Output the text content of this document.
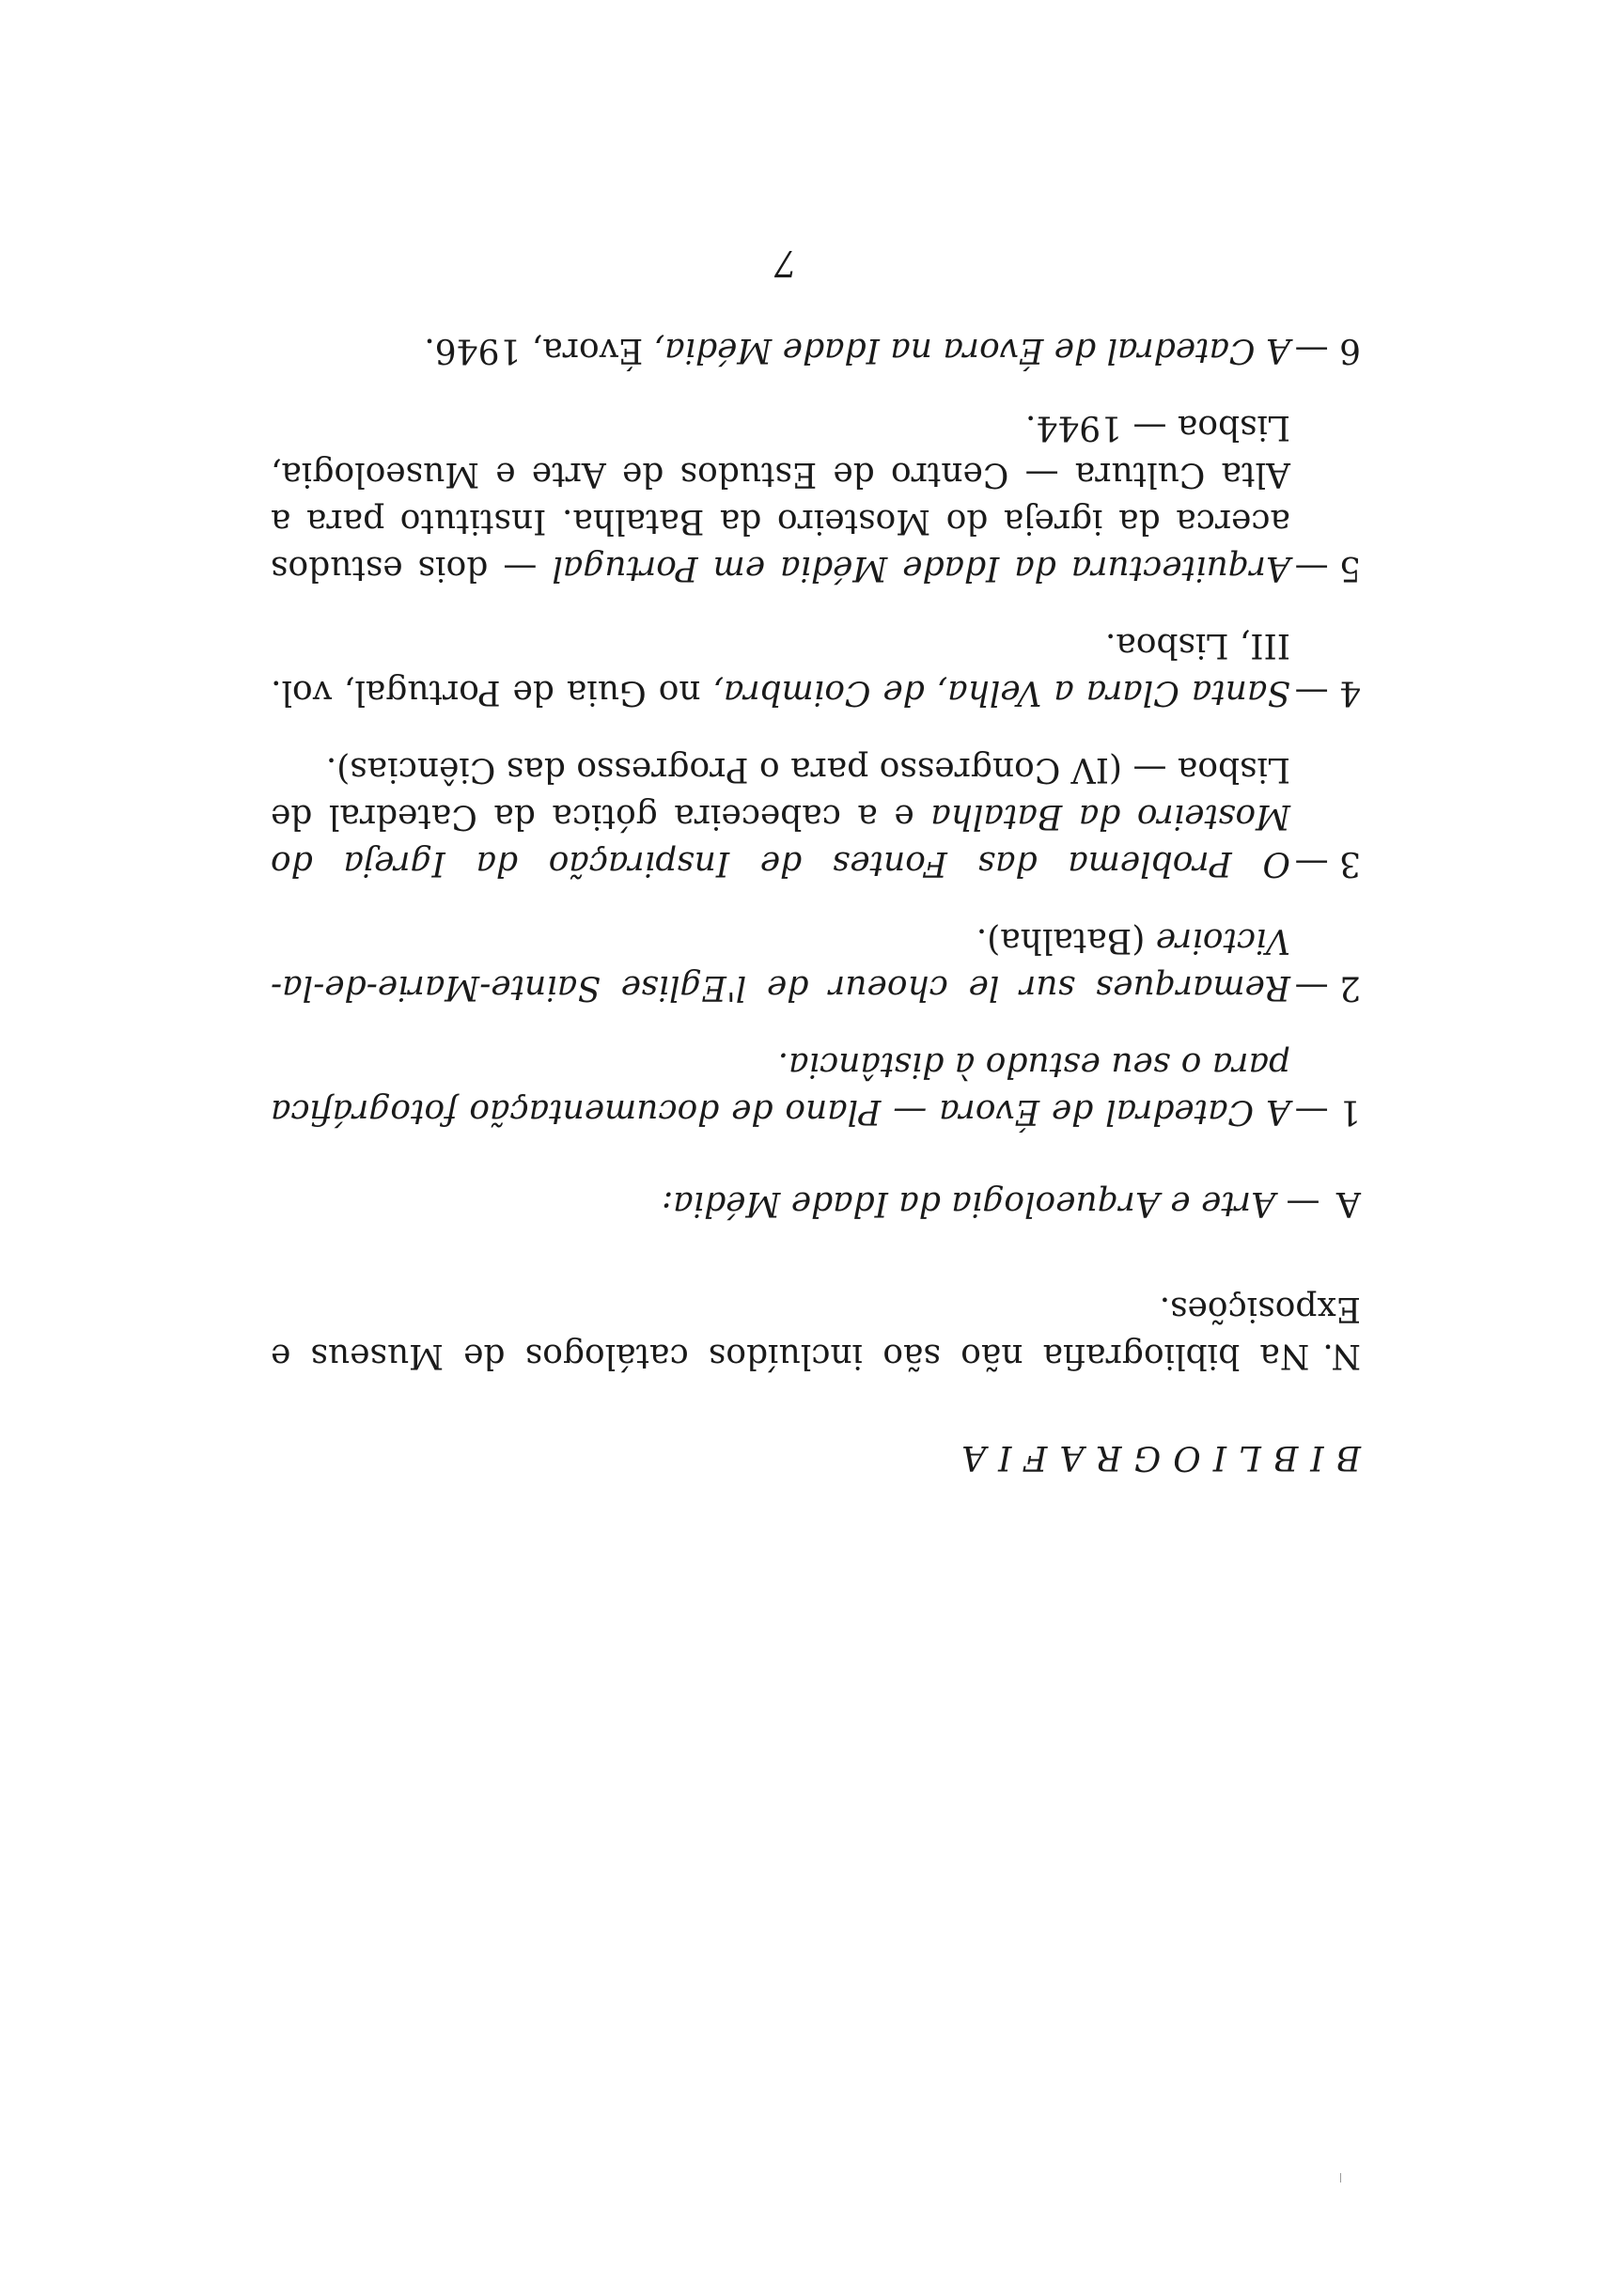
BIBLIOGRAFIA
N.Na bibliografia não são incluídos catálogos de Museus e Exposições.
A — Arte e Arqueologia da Idade Média:
1 —
A Catedral de Évora — Plano de documentação fotográfica para o seu estudo à distância.
2 —
Remarques sur le choeur de l'Eglise Sainte-Marie-de-la-Victoire (Batalha).
3 —
O Problema das Fontes de Inspiração da Igreja do Mosteiro da Batalha e a cabeceira gótica da Catedral de Lisboa — (IV Congresso para o Progresso das Ciências).
4 —
Santa Clara a Velha, de Coimbra, no Guia de Portugal, vol. III, Lisboa.
5 —
Arquitectura da Idade Média em Portugal — dois estudos acerca da igreja do Mosteiro da Batalha. Instituto para a Alta Cultura — Centro de Estudos de Arte e Museologia, Lisboa — 1944.
6 —
A Catedral de Évora na Idade Média, Évora, 1946.
7
